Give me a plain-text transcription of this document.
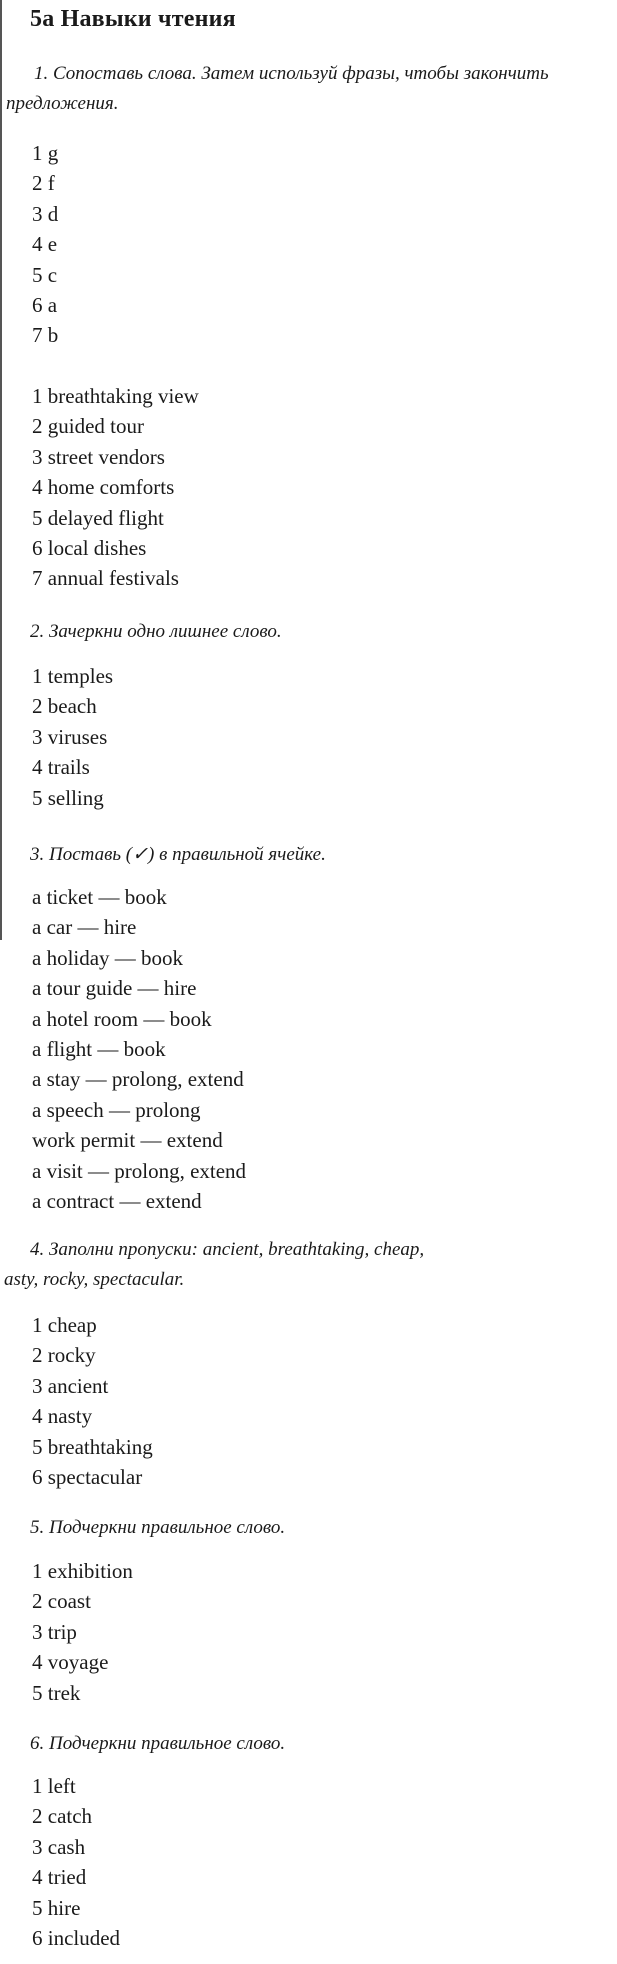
5a Навыки чтения
1. Сопоставь слова. Затем используй фразы, чтобы закончить предложения.
1 g
2 f
3 d
4 e
5 c
6 a
7 b
1 breathtaking view
2 guided tour
3 street vendors
4 home comforts
5 delayed flight
6 local dishes
7 annual festivals
2. Зачеркни одно лишнее слово.
1 temples
2 beach
3 viruses
4 trails
5 selling
3. Поставь (✓) в правильной ячейке.
a ticket — book
a car — hire
a holiday — book
a tour guide — hire
a hotel room — book
a flight — book
a stay — prolong, extend
a speech — prolong
work permit — extend
a visit — prolong, extend
a contract — extend
4. Заполни пропуски: ancient, breathtaking, cheap,
asty, rocky, spectacular.
1 cheap
2 rocky
3 ancient
4 nasty
5 breathtaking
6 spectacular
5. Подчеркни правильное слово.
1 exhibition
2 coast
3 trip
4 voyage
5 trek
6. Подчеркни правильное слово.
1 left
2 catch
3 cash
4 tried
5 hire
6 included
